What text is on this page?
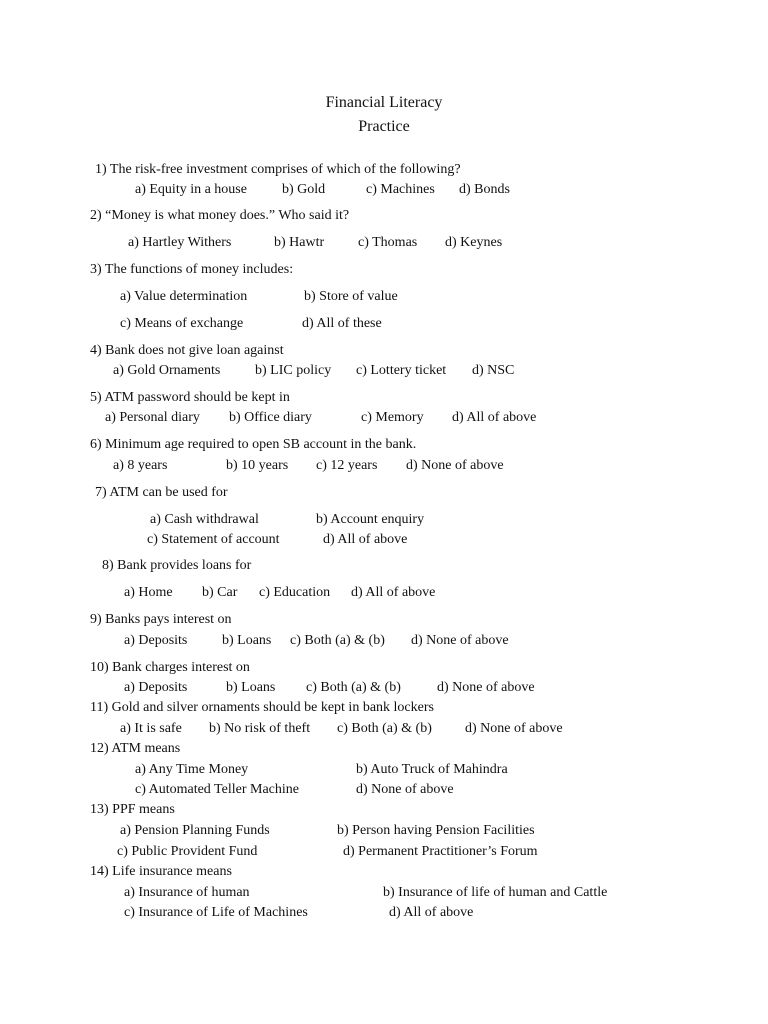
Financial Literacy
Practice
1) The risk-free investment comprises of which of the following?
a) Equity in a house	b) Gold	c) Machines d) Bonds
2) “Money is what money does.” Who said it?
a) Hartley Withers	b) Hawtr c) Thomas d) Keynes
3) The functions of money includes:
a) Value determination	b) Store of value
c) Means of exchange	d) All of these
4) Bank does not give loan against
a) Gold Ornaments b) LIC policy c) Lottery ticket d) NSC
5) ATM password should be kept in
a) Personal diary b) Office diary	c) Memory d) All of above
6) Minimum age required to open SB account in the bank.
a) 8 years	b) 10 years c) 12 years d) None of above
7) ATM can be used for
a) Cash withdrawal	b) Account enquiry
c) Statement of account	d) All of above
8) Bank provides loans for
a) Home b) Car c) Education d) All of above
9) Banks pays interest on
a) Deposits b) Loans c) Both (a) & (b) d) None of above
10) Bank charges interest on
a) Deposits	b) Loans c) Both (a) & (b)	d) None of above
11) Gold and silver ornaments should be kept in bank lockers
a) It is safe b) No risk of theft c) Both (a) & (b) d) None of above
12) ATM means
a) Any Time Money	b) Auto Truck of Mahindra
c) Automated Teller Machine	d) None of above
13) PPF means
a) Pension Planning Funds	b) Person having Pension Facilities
c) Public Provident Fund	d) Permanent Practitioner’s Forum
14) Life insurance means
a) Insurance of human	b) Insurance of life of human and Cattle
c) Insurance of Life of Machines	d) All of above
